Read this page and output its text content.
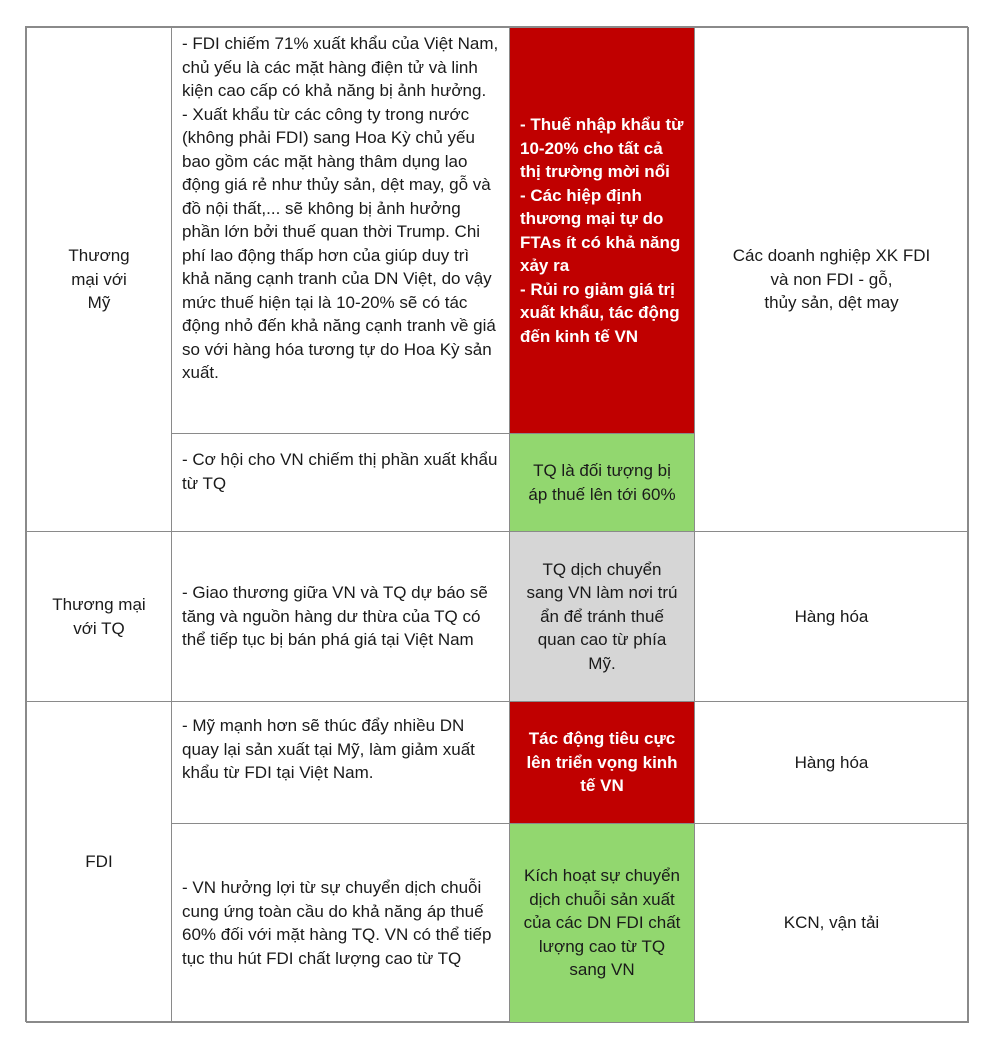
Thương
mại với
Mỹ

- FDI chiếm 71% xuất khẩu của Việt Nam, chủ yếu là các mặt hàng điện tử và linh kiện cao cấp có khả năng bị ảnh hưởng.

- Xuất khẩu từ các công ty trong nước (không phải FDI) sang Hoa Kỳ chủ yếu bao gồm các mặt hàng thâm dụng lao động giá rẻ như thủy sản, dệt may, gỗ và đồ nội thất,... sẽ không bị ảnh hưởng phần lớn bởi thuế quan thời Trump. Chi phí lao động thấp hơn của giúp duy trì khả năng cạnh tranh của DN Việt, do vậy mức thuế hiện tại là 10-20% sẽ có tác động nhỏ đến khả năng cạnh tranh về giá so với hàng hóa tương tự do Hoa Kỳ sản xuất.

- Thuế nhập khẩu từ 10-20% cho tất cả thị trường mời nổi
- Các hiệp định thương mại tự do FTAs ít có khả năng xảy ra
- Rủi ro giảm giá trị xuất khẩu, tác động đến kinh tế VN
- Cơ hội cho VN chiếm thị phần xuất khẩu từ TQ
TQ là đối tượng bị
áp thuế lên tới 60%
Các doanh nghiệp XK FDI
và non FDI - gỗ,
thủy sản, dệt may
Thương mại
với TQ
- Giao thương giữa VN và TQ dự báo sẽ tăng và nguồn hàng dư thừa của TQ có thể tiếp tục bị bán phá giá tại Việt Nam
TQ dịch chuyển
sang VN làm nơi trú
ẩn để tránh thuế
quan cao từ phía
Mỹ.
Hàng hóa
FDI
- Mỹ mạnh hơn sẽ thúc đẩy nhiều DN quay lại sản xuất tại Mỹ, làm giảm xuất khẩu từ FDI tại Việt Nam.
Tác động tiêu cực
lên triển vọng kinh
tế VN
Hàng hóa
- VN hưởng lợi từ sự chuyển dịch chuỗi cung ứng toàn cầu do khả năng áp thuế 60% đối với mặt hàng TQ. VN có thể tiếp tục thu hút FDI chất lượng cao từ TQ
Kích hoạt sự chuyển
dịch chuỗi sản xuất
của các DN FDI chất
lượng cao từ TQ
sang VN
KCN, vận tải
